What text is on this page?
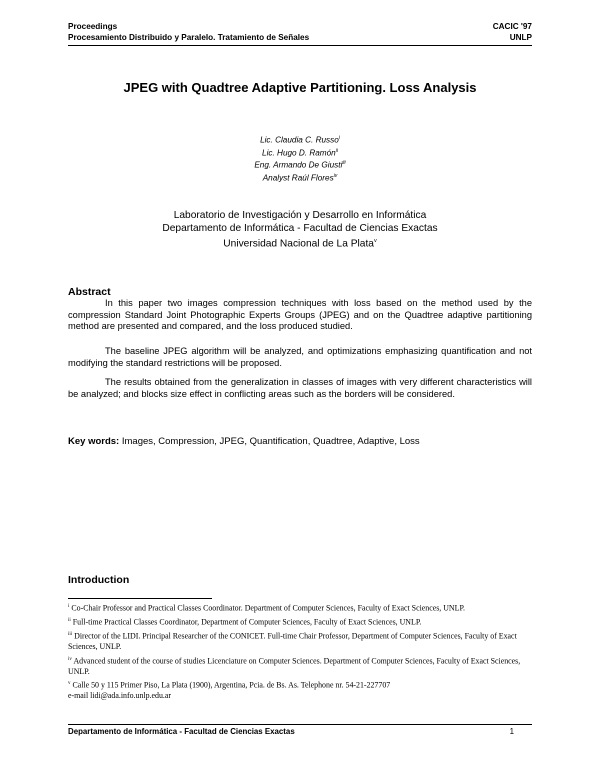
Proceedings	CACIC '97
Procesamiento Distribuido y Paralelo. Tratamiento de Señales	UNLP
JPEG with Quadtree Adaptive Partitioning. Loss Analysis
Lic. Claudia C. Russo$^i$
Lic. Hugo D. Ramón$^{ii}$
Eng. Armando De Giusti$^{iii}$
Analyst Raúl Flores$^{iv}$
Laboratorio de Investigación y Desarrollo en Informática
Departamento de Informática - Facultad de Ciencias Exactas
Universidad Nacional de La Plata$^v$
Abstract
In this paper two images compression techniques with loss based on the method used by the compression Standard Joint Photographic Experts Groups (JPEG) and on the Quadtree adaptive partitioning method are presented and compared, and the loss produced studied.
The baseline JPEG algorithm will be analyzed, and optimizations emphasizing quantification and not modifying the standard restrictions will be proposed.
The results obtained from the generalization in classes of images with very different characteristics will be analyzed; and blocks size effect in conflicting areas such as the borders will be considered.
Key words: Images, Compression, JPEG, Quantification, Quadtree, Adaptive, Loss
Introduction
$^i$ Co-Chair Professor and Practical Classes Coordinator. Department of Computer Sciences, Faculty of Exact Sciences, UNLP.
$^{ii}$ Full-time Practical Classes Coordinator, Department of Computer Sciences, Faculty of Exact Sciences, UNLP.
$^{iii}$ Director of the LIDI. Principal Researcher of the CONICET. Full-time Chair Professor, Department of Computer Sciences, Faculty of Exact Sciences, UNLP.
$^{iv}$ Advanced student of the course of studies Licenciature on Computer Sciences. Department of Computer Sciences, Faculty of Exact Sciences, UNLP.
$^v$ Calle 50 y 115 Primer Piso, La Plata (1900), Argentina, Pcia. de Bs. As. Telephone nr. 54-21-227707
e-mail lidi@ada.info.unlp.edu.ar
Departamento de Informática - Facultad de Ciencias Exactas	1
